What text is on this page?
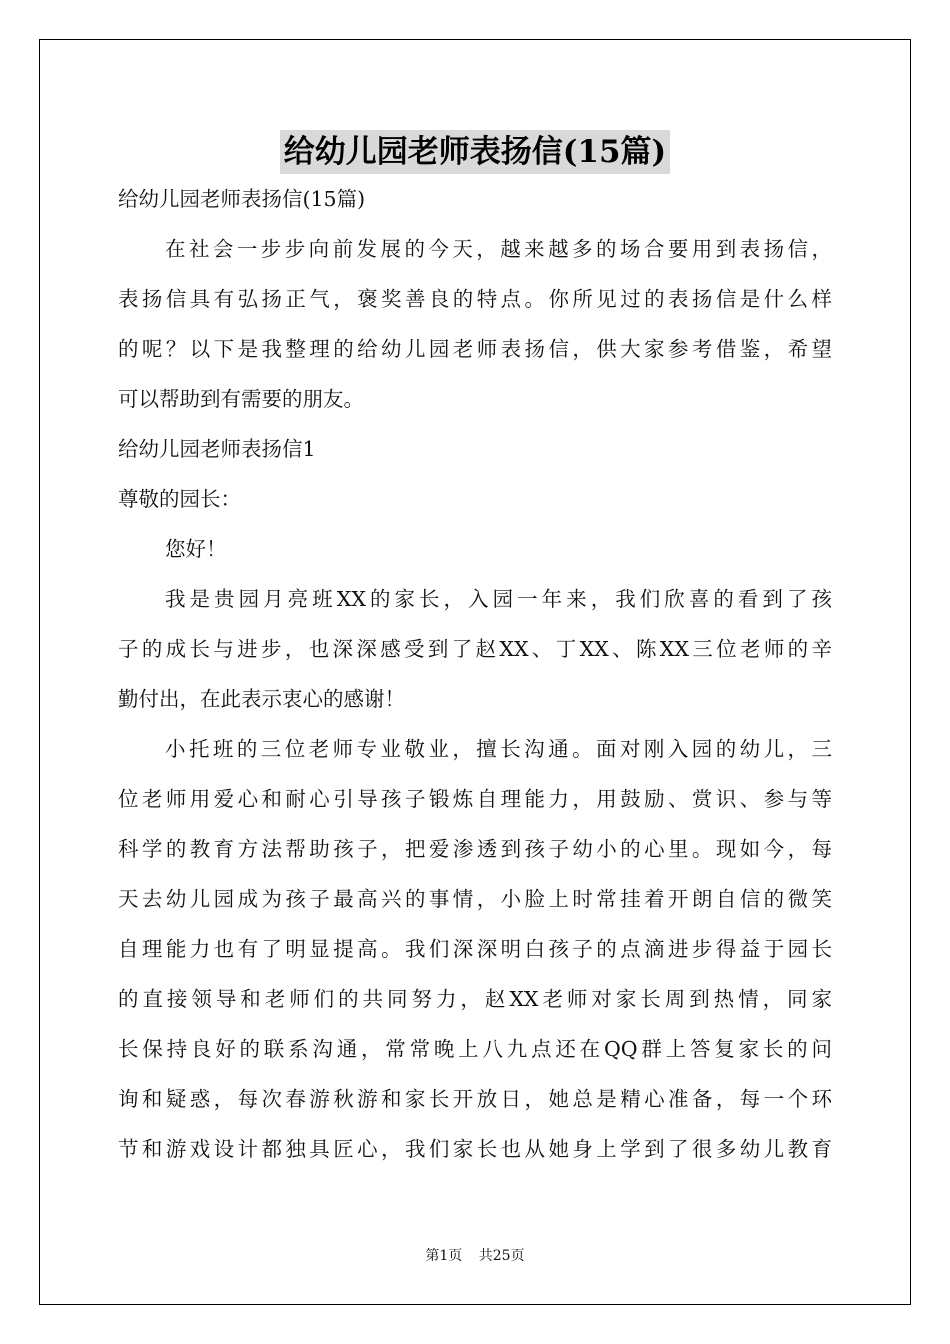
给幼儿园老师表扬信(15篇)
给幼儿园老师表扬信(15篇)
在社会一步步向前发展的今天，越来越多的场合要用到表扬信，
表扬信具有弘扬正气，褒奖善良的特点。你所见过的表扬信是什么样
的呢？以下是我整理的给幼儿园老师表扬信，供大家参考借鉴，希望
可以帮助到有需要的朋友。
给幼儿园老师表扬信1
尊敬的园长：
您好！
我是贵园月亮班XX的家长，入园一年来，我们欣喜的看到了孩
子的成长与进步，也深深感受到了赵XX、丁XX、陈XX三位老师的辛
勤付出，在此表示衷心的感谢！
小托班的三位老师专业敬业，擅长沟通。面对刚入园的幼儿，三
位老师用爱心和耐心引导孩子锻炼自理能力，用鼓励、赏识、参与等
科学的教育方法帮助孩子，把爱渗透到孩子幼小的心里。现如今，每
天去幼儿园成为孩子最高兴的事情，小脸上时常挂着开朗自信的微笑
自理能力也有了明显提高。我们深深明白孩子的点滴进步得益于园长
的直接领导和老师们的共同努力，赵XX老师对家长周到热情，同家
长保持良好的联系沟通，常常晚上八九点还在QQ群上答复家长的问
询和疑惑，每次春游秋游和家长开放日，她总是精心准备，每一个环
节和游戏设计都独具匠心，我们家长也从她身上学到了很多幼儿教育
第1页 共25页
